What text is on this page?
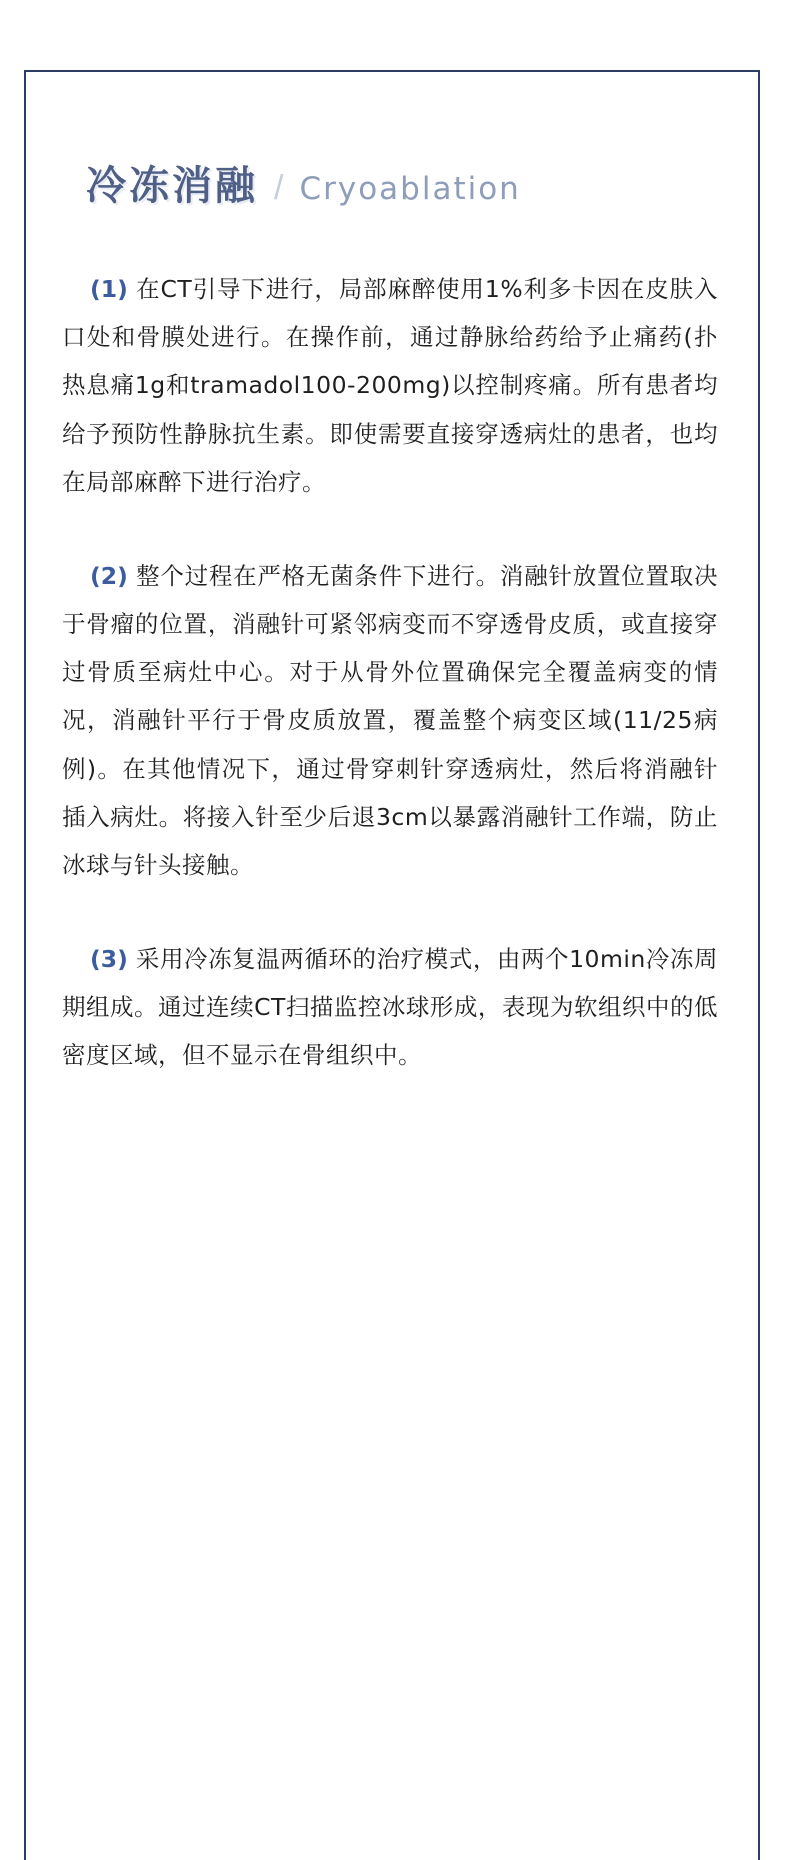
冷冻消融 / Cryoablation

(1) 在CT引导下进行，局部麻醉使用1%利多卡因在皮肤入口处和骨膜处进行。在操作前，通过静脉给药给予止痛药(扑热息痛1g和tramadol100-200mg)以控制疼痛。所有患者均给予预防性静脉抗生素。即使需要直接穿透病灶的患者，也均在局部麻醉下进行治疗。

(2) 整个过程在严格无菌条件下进行。消融针放置位置取决于骨瘤的位置，消融针可紧邻病变而不穿透骨皮质，或直接穿过骨质至病灶中心。对于从骨外位置确保完全覆盖病变的情况，消融针平行于骨皮质放置，覆盖整个病变区域(11/25病例)。在其他情况下，通过骨穿刺针穿透病灶，然后将消融针插入病灶。将接入针至少后退3cm以暴露消融针工作端，防止冰球与针头接触。

(3) 采用冷冻复温两循环的治疗模式，由两个10min冷冻周期组成。通过连续CT扫描监控冰球形成，表现为软组织中的低密度区域，但不显示在骨组织中。
